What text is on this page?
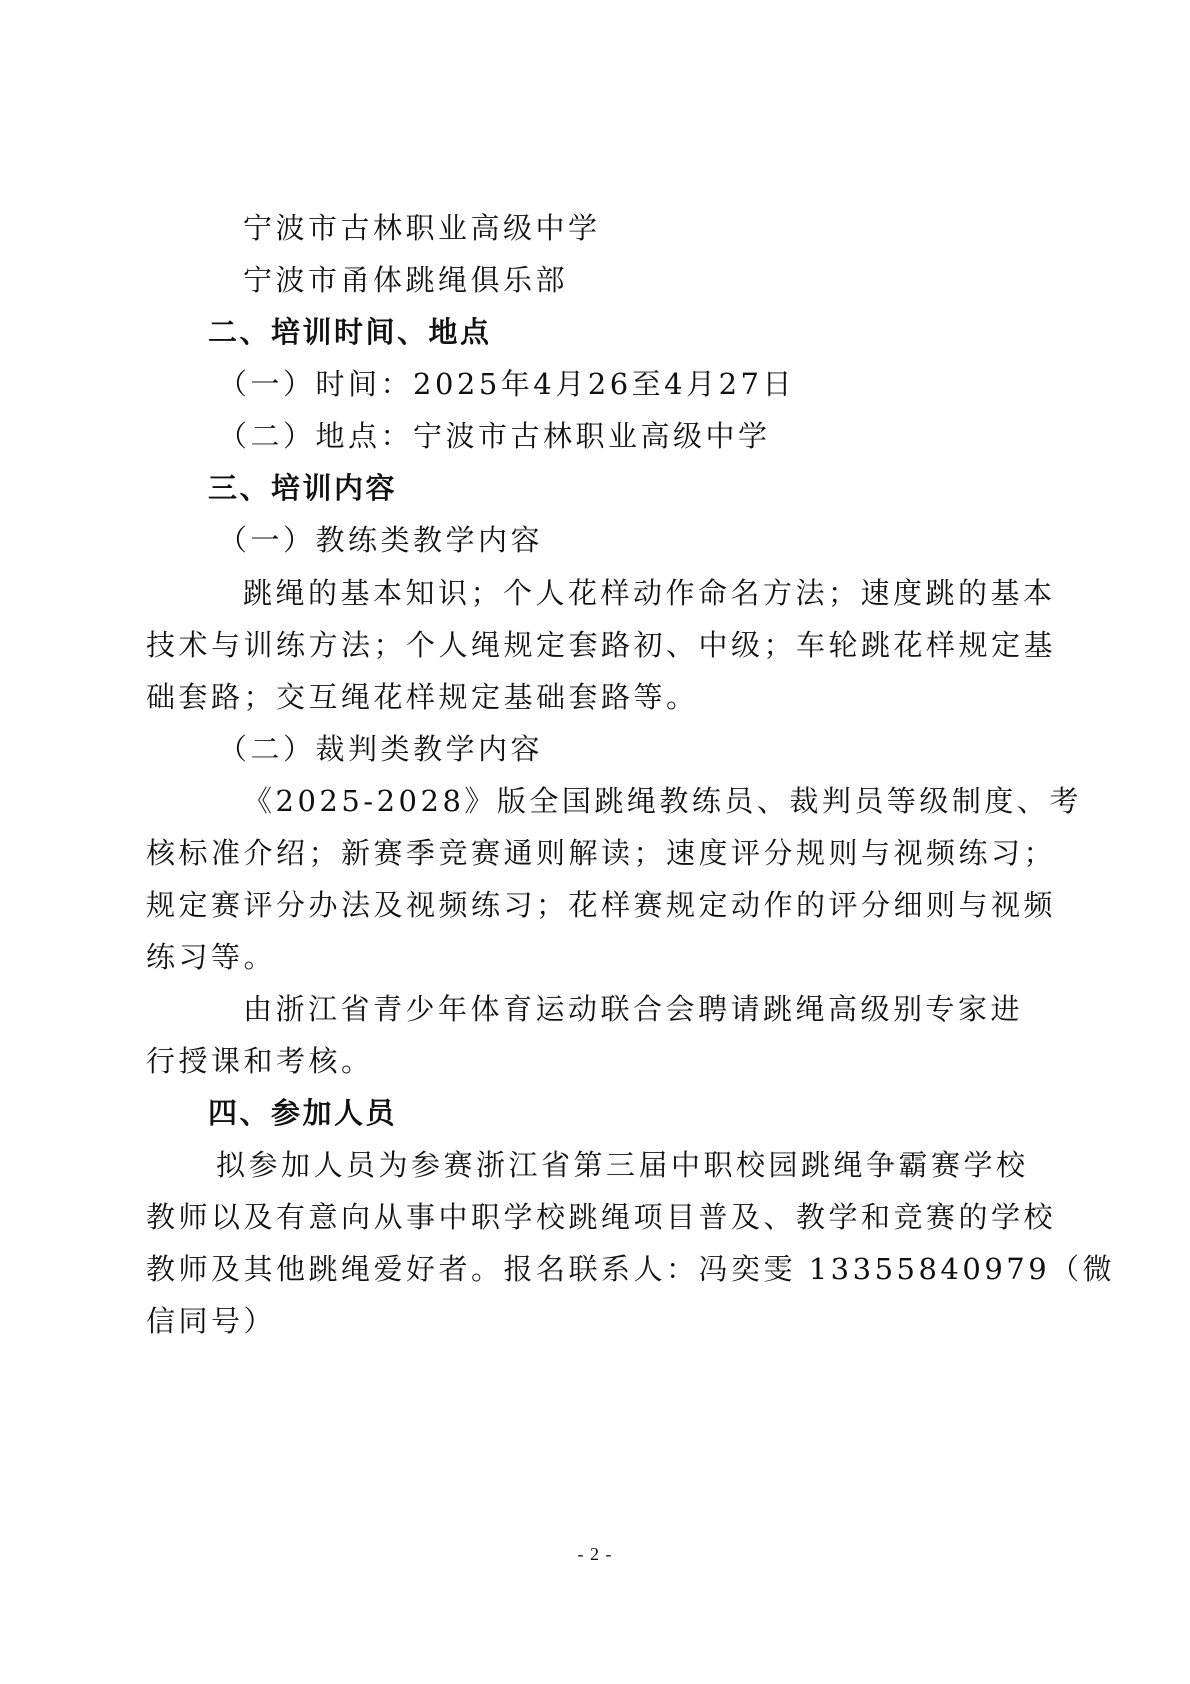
宁波市古林职业高级中学
宁波市甬体跳绳俱乐部
二、培训时间、地点
（一）时间：2025年4月26至4月27日
（二）地点：宁波市古林职业高级中学
三、培训内容
（一）教练类教学内容
跳绳的基本知识；个人花样动作命名方法；速度跳的基本
技术与训练方法；个人绳规定套路初、中级；车轮跳花样规定基
础套路；交互绳花样规定基础套路等。
（二）裁判类教学内容
《2025-2028》版全国跳绳教练员、裁判员等级制度、考
核标准介绍；新赛季竞赛通则解读；速度评分规则与视频练习；
规定赛评分办法及视频练习；花样赛规定动作的评分细则与视频
练习等。
由浙江省青少年体育运动联合会聘请跳绳高级别专家进
行授课和考核。
四、参加人员
拟参加人员为参赛浙江省第三届中职校园跳绳争霸赛学校
教师以及有意向从事中职学校跳绳项目普及、教学和竞赛的学校
教师及其他跳绳爱好者。报名联系人：冯奕雯 13355840979（微
信同号）
- 2 -
